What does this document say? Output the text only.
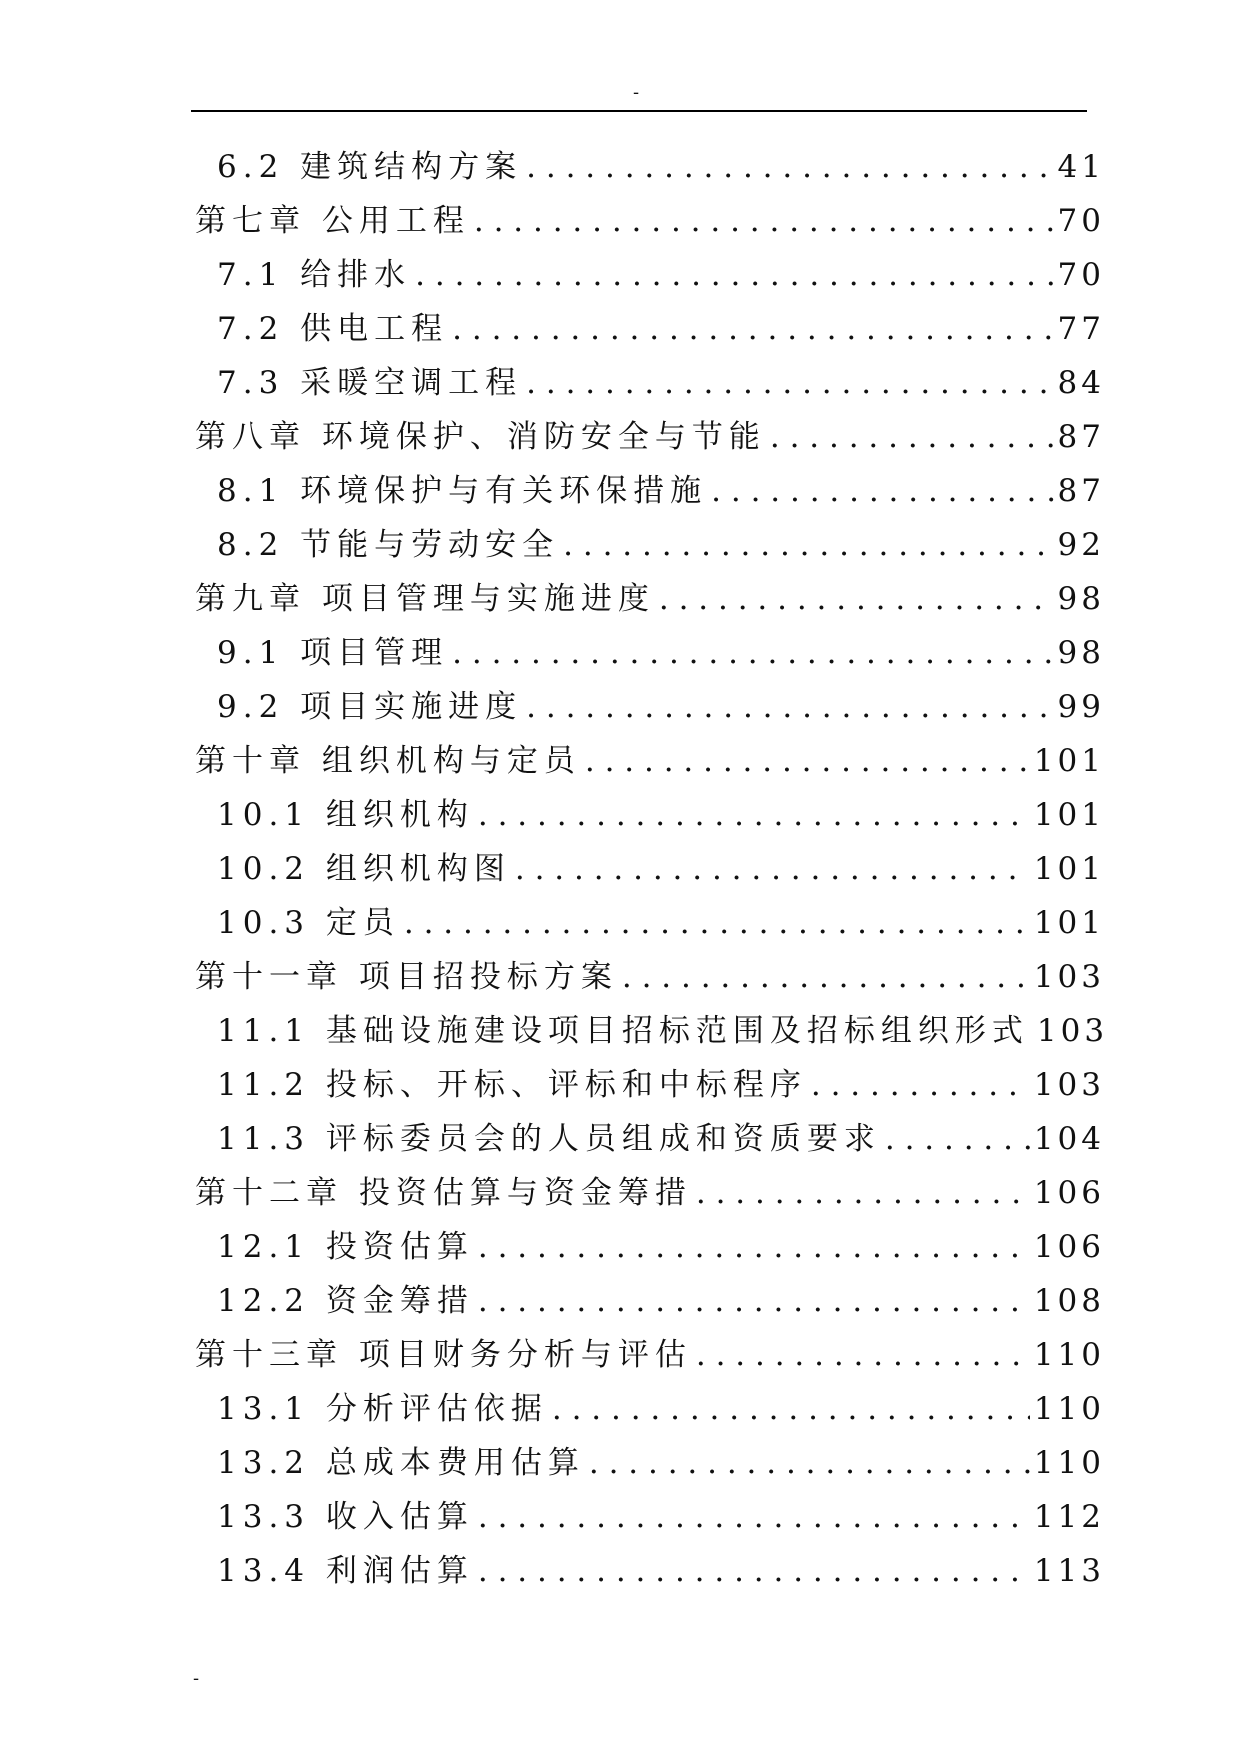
-
6.2 建筑结构方案 . . .	41
第七章 公用工程 . . .	70
7.1 给排水 . . .	70
7.2 供电工程 . . .	77
7.3 采暖空调工程 . . .	84
第八章 环境保护、消防安全与节能 . . .	87
8.1 环境保护与有关环保措施 . . .	87
8.2 节能与劳动安全 . . .	92
第九章 项目管理与实施进度 . . .	98
9.1 项目管理 . . .	98
9.2 项目实施进度 . . .	99
第十章 组织机构与定员 . . .	101
10.1 组织机构 . . .	101
10.2 组织机构图 . . .	101
10.3 定员 . . .	101
第十一章 项目招投标方案 . . .	103
11.1 基础设施建设项目招标范围及招标组织形式 103
11.2 投标、开标、评标和中标程序 . . .	103
11.3 评标委员会的人员组成和资质要求 . . .	104
第十二章 投资估算与资金筹措 . . .	106
12.1 投资估算 . . .	106
12.2 资金筹措 . . .	108
第十三章 项目财务分析与评估 . . .	110
13.1 分析评估依据 . . .	110
13.2 总成本费用估算 . . .	110
13.3 收入估算 . . .	112
13.4 利润估算 . . .	113
-
